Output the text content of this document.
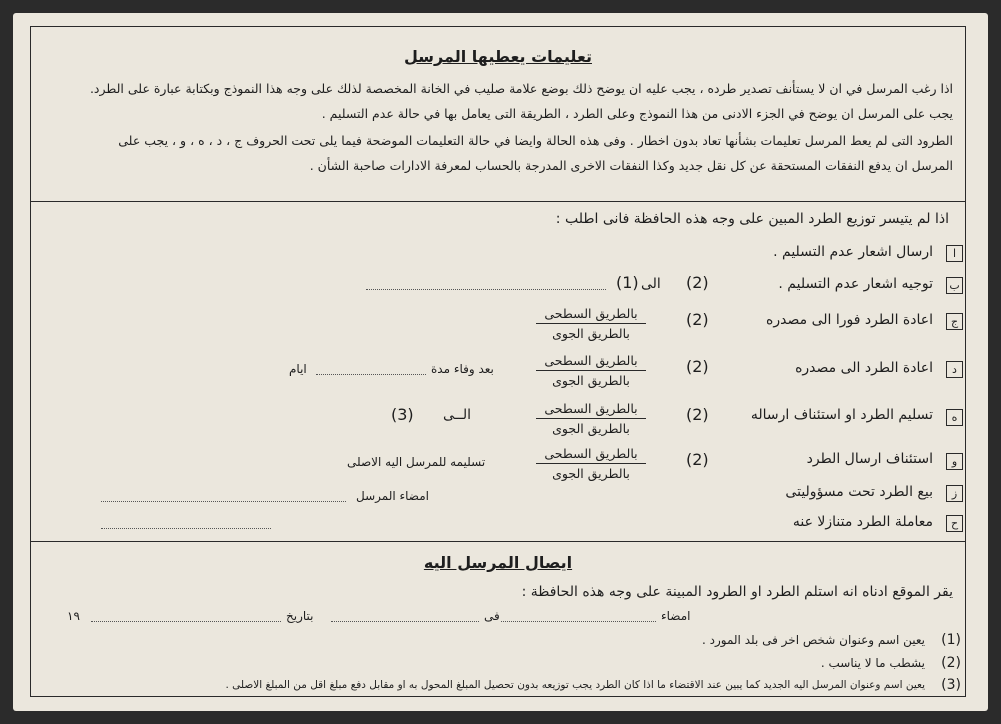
تعليمات يعطيها المرسل
اذا رغب المرسل في ان لا يستأنف تصدير طرده ، يجب عليه ان يوضح ذلك بوضع علامة صليب في الخانة المخصصة لذلك على وجه هذا النموذج وبكتابة عبارة على الطرد.
يجب على المرسل ان يوضح في الجزء الادنى من هذا النموذج وعلى الطرد ، الطريقة التى يعامل بها في حالة عدم التسليم .
الطرود التى لم يعط المرسل تعليمات بشأنها تعاد بدون اخطار . وفى هذه الحالة وايضا في حالة التعليمات الموضحة فيما يلى تحت الحروف ج ، د ، ه ، و ، يجب على
المرسل ان يدفع النفقات المستحقة عن كل نقل جديد وكذا النفقات الاخرى المدرجة بالحساب لمعرفة الادارات صاحبة الشأن .
اذا لم يتيسر توزيع الطرد المبين على وجه هذه الحافظة فانى اطلب :
ا
ارسال اشعار عدم التسليم .
ب
توجيه اشعار عدم التسليم .
(2)
الى
(1)
ج
اعادة الطرد فورا الى مصدره
(2)
بالطريق السطحى
بالطريق الجوى
د
اعادة الطرد الى مصدره
(2)
بالطريق السطحى
بالطريق الجوى
بعد وفاء مدة
ايام
ه
تسليم الطرد او استئناف ارساله
(2)
بالطريق السطحى
بالطريق الجوى
الــى
(3)
و
استئناف ارسال الطرد
(2)
بالطريق السطحى
بالطريق الجوى
تسليمه للمرسل اليه الاصلى
ز
بيع الطرد تحت مسؤوليتى
امضاء المرسل
ح
معاملة الطرد متنازلا عنه
ايصال المرسل اليه
يقر الموقع ادناه انه استلم الطرد او الطرود المبينة على وجه هذه الحافظة :
امضاء
فى
بتاريخ
١٩
(1)
يعين اسم وعنوان شخص اخر فى بلد المورد .
(2)
يشطب ما لا يناسب .
(3)
يعين اسم وعنوان المرسل اليه الجديد كما يبين عند الاقتضاء ما اذا كان الطرد يجب توزيعه بدون تحصيل المبلغ المحول به او مقابل دفع مبلغ اقل من المبلغ الاصلى .
